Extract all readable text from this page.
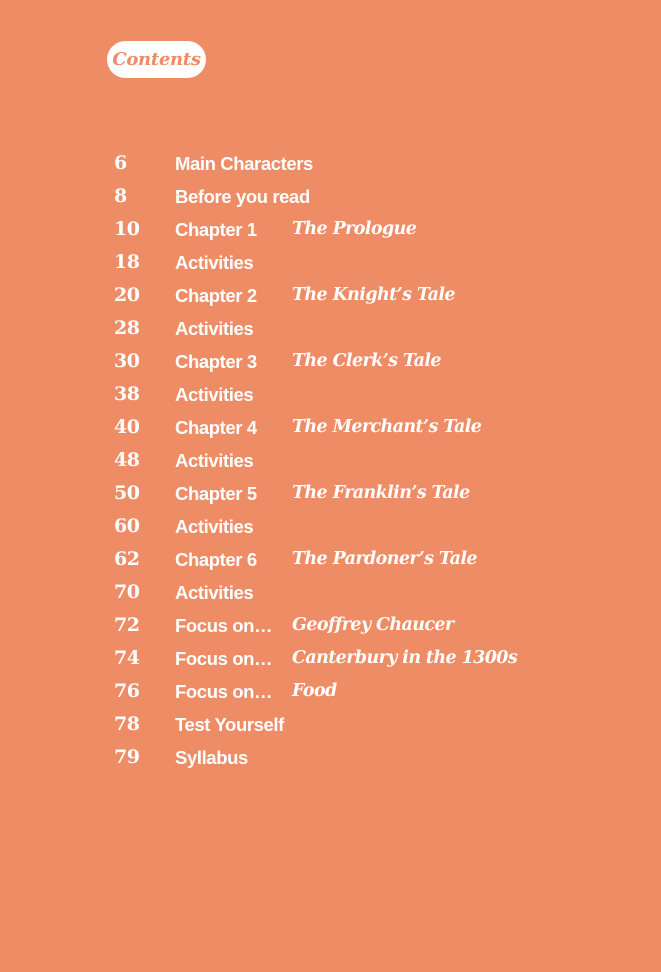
Contents
6	Main Characters
8	Before you read
10 Chapter 1 The Prologue
18 Activities
20 Chapter 2 The Knight’s Tale
28 Activities
30 Chapter 3 The Clerk’s Tale
38 Activities
40 Chapter 4 The Merchant’s Tale
48 Activities
50 Chapter 5 The Franklin’s Tale
60 Activities
62 Chapter 6 The Pardoner’s Tale
70 Activities
72 Focus on… Geoffrey Chaucer
74 Focus on… Canterbury in the 1300s
76 Focus on… Food
78 Test Yourself
79 Syllabus
